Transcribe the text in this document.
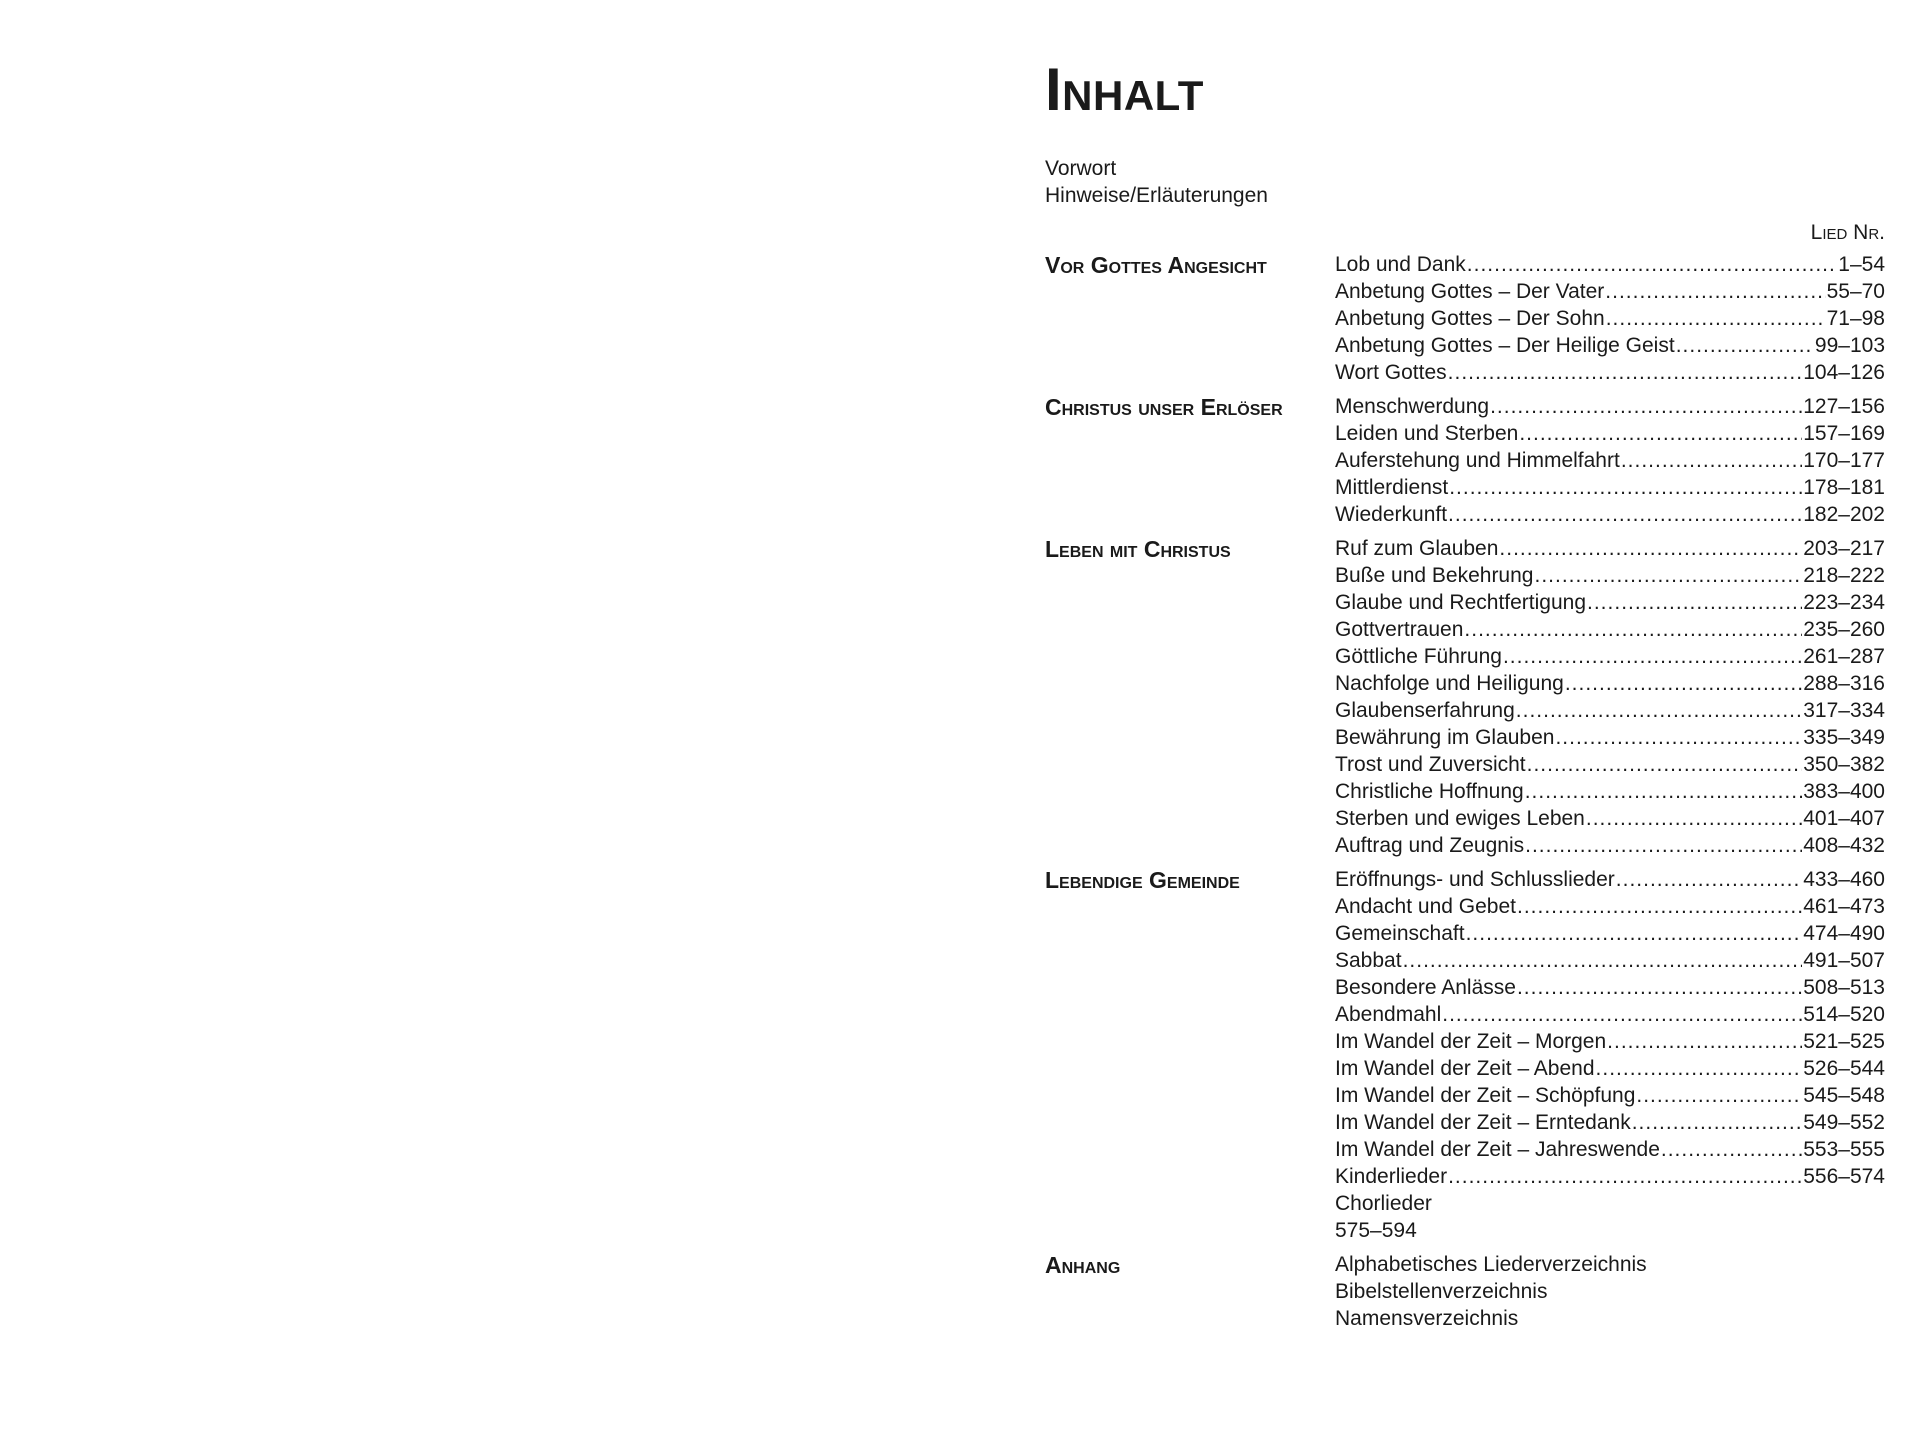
Inhalt
Vorwort
Hinweise/Erläuterungen
Lied Nr.
Vor Gottes Angesicht	Lob und Dank .....	1–54
Anbetung Gottes – Der Vater .....	55–70
Anbetung Gottes – Der Sohn .....	71–98
Anbetung Gottes – Der Heilige Geist .....	99–103
Wort Gottes .....	104–126
Christus unser Erlöser	Menschwerdung .....	127–156
Leiden und Sterben .....	157–169
Auferstehung und Himmelfahrt .....	170–177
Mittlerdienst .....	178–181
Wiederkunft .....	182–202
Leben mit Christus	Ruf zum Glauben .....	203–217
Buße und Bekehrung .....	218–222
Glaube und Rechtfertigung .....	223–234
Gottvertrauen .....	235–260
Göttliche Führung .....	261–287
Nachfolge und Heiligung .....	288–316
Glaubenserfahrung .....	317–334
Bewährung im Glauben .....	335–349
Trost und Zuversicht .....	350–382
Christliche Hoffnung .....	383–400
Sterben und ewiges Leben .....	401–407
Auftrag und Zeugnis .....	408–432
Lebendige Gemeinde	Eröffnungs- und Schlusslieder .....	433–460
Andacht und Gebet .....	461–473
Gemeinschaft .....	474–490
Sabbat .....	491–507
Besondere Anlässe .....	508–513
Abendmahl .....	514–520
Im Wandel der Zeit – Morgen .....	521–525
Im Wandel der Zeit – Abend .....	526–544
Im Wandel der Zeit – Schöpfung .....	545–548
Im Wandel der Zeit – Erntedank .....	549–552
Im Wandel der Zeit – Jahreswende .....	553–555
Kinderlieder .....	556–574
Chorlieder
575–594
Anhang	Alphabetisches Liederverzeichnis
Bibelstellenverzeichnis
Namensverzeichnis
